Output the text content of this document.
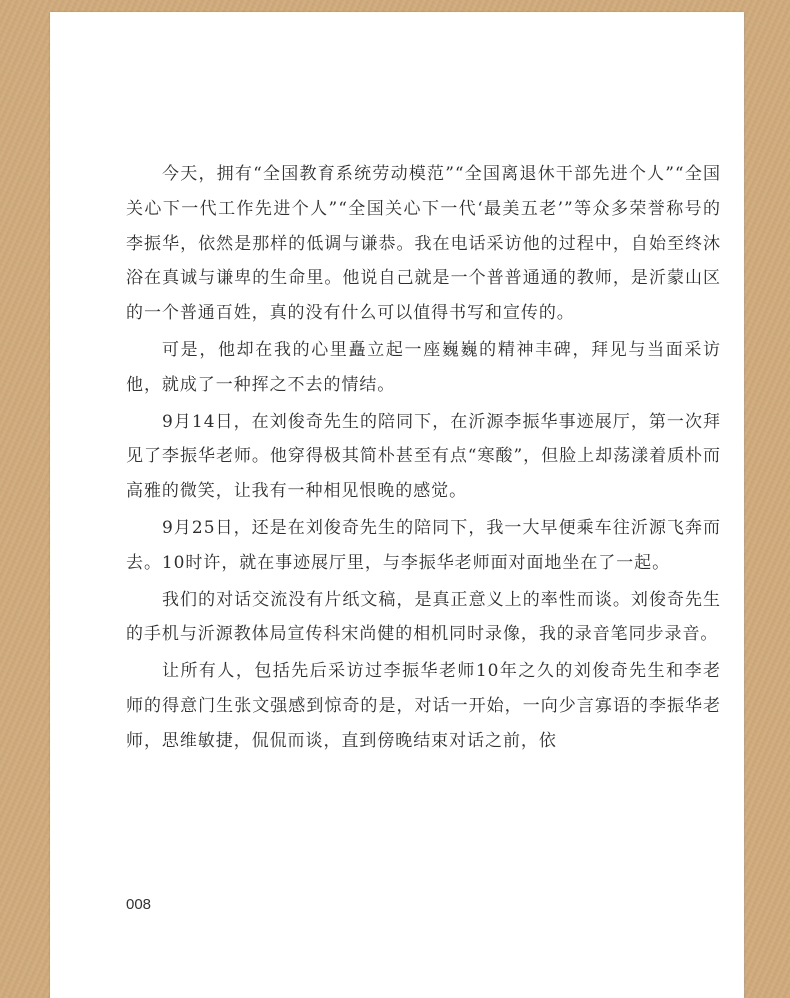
今天，拥有“全国教育系统劳动模范”“全国离退休干部先进个人”“全国关心下一代工作先进个人”“全国关心下一代‘最美五老’”等众多荣誉称号的李振华，依然是那样的低调与谦恭。我在电话采访他的过程中，自始至终沐浴在真诚与谦卑的生命里。他说自己就是一个普普通通的教师，是沂蒙山区的一个普通百姓，真的没有什么可以值得书写和宣传的。

可是，他却在我的心里矗立起一座巍巍的精神丰碑，拜见与当面采访他，就成了一种挥之不去的情结。

9月14日，在刘俊奇先生的陪同下，在沂源李振华事迹展厅，第一次拜见了李振华老师。他穿得极其简朴甚至有点“寒酸”，但脸上却荡漾着质朴而高雅的微笑，让我有一种相见恨晚的感觉。

9月25日，还是在刘俊奇先生的陪同下，我一大早便乘车往沂源飞奔而去。10时许，就在事迹展厅里，与李振华老师面对面地坐在了一起。

我们的对话交流没有片纸文稿，是真正意义上的率性而谈。刘俊奇先生的手机与沂源教体局宣传科宋尚健的相机同时录像，我的录音笔同步录音。

让所有人，包括先后采访过李振华老师10年之久的刘俊奇先生和李老师的得意门生张文强感到惊奇的是，对话一开始，一向少言寡语的李振华老师，思维敏捷，侃侃而谈，直到傍晚结束对话之前，依

008
